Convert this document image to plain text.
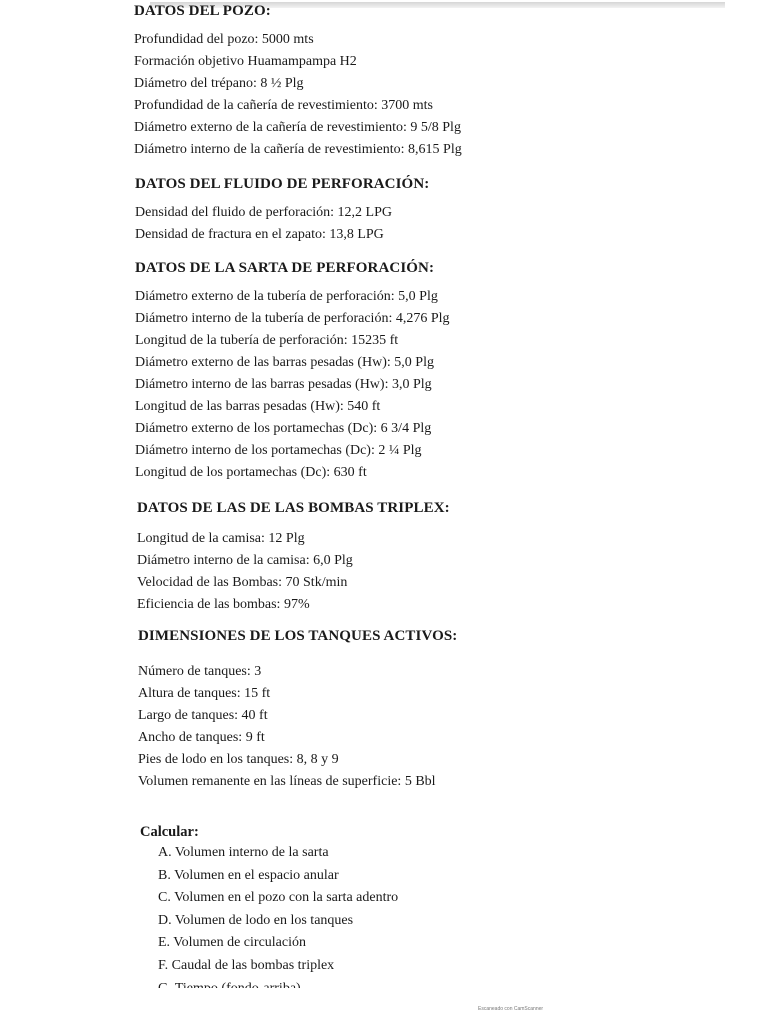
DATOS DEL POZO:

Profundidad del pozo: 5000 mts

Formación objetivo Huamampampa H2

Diámetro del trépano: 8 ½ Plg

Profundidad de la cañería de revestimiento: 3700 mts

Diámetro externo de la cañería de revestimiento: 9 5/8 Plg

Diámetro interno de la cañería de revestimiento: 8,615 Plg

DATOS DEL FLUIDO DE PERFORACIÓN:

Densidad del fluido de perforación: 12,2 LPG

Densidad de fractura en el zapato: 13,8 LPG

DATOS DE LA SARTA DE PERFORACIÓN:

Diámetro externo de la tubería de perforación: 5,0 Plg

Diámetro interno de la tubería de perforación: 4,276 Plg

Longitud de la tubería de perforación: 15235 ft

Diámetro externo de las barras pesadas (Hw): 5,0 Plg

Diámetro interno de las barras pesadas (Hw): 3,0 Plg

Longitud de las barras pesadas (Hw): 540 ft

Diámetro externo de los portamechas (Dc): 6 3/4 Plg

Diámetro interno de los portamechas (Dc): 2 ¼ Plg

Longitud de los portamechas (Dc): 630 ft

DATOS DE LAS DE LAS BOMBAS TRIPLEX:

Longitud de la camisa: 12 Plg

Diámetro interno de la camisa: 6,0 Plg

Velocidad de las Bombas: 70 Stk/min

Eficiencia de las bombas: 97%

DIMENSIONES DE LOS TANQUES ACTIVOS:

Número de tanques: 3

Altura de tanques: 15 ft

Largo de tanques: 40 ft

Ancho de tanques: 9 ft

Pies de lodo en los tanques: 8, 8 y 9

Volumen remanente en las líneas de superficie: 5 Bbl

Calcular:

A. Volumen interno de la sarta

B. Volumen en el espacio anular

C. Volumen en el pozo con la sarta adentro

D. Volumen de lodo en los tanques

E. Volumen de circulación

F. Caudal de las bombas triplex

Escaneado con CamScanner
